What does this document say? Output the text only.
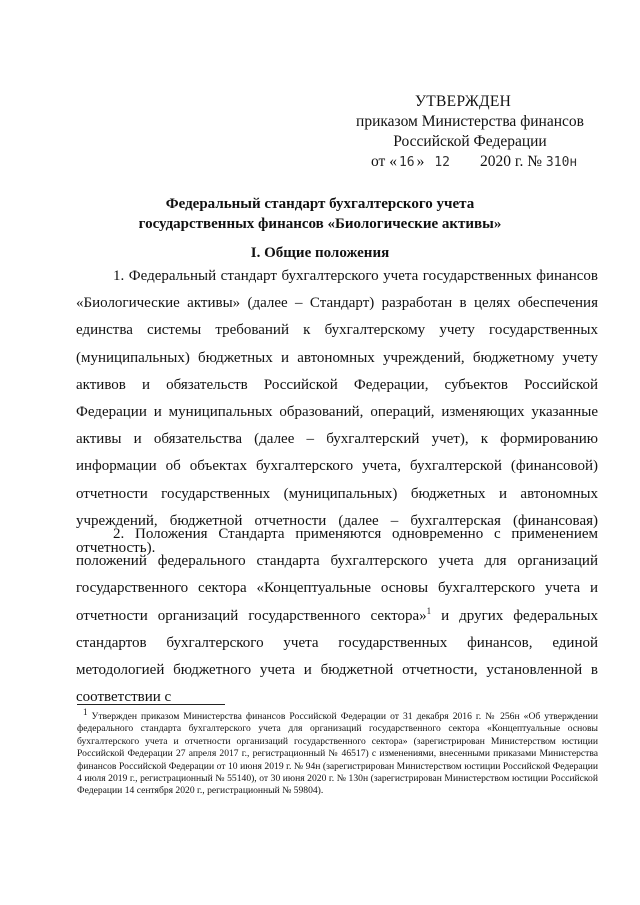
УТВЕРЖДЕН
приказом Министерства финансов
Российской Федерации
от « 16 » 12 2020 г. № 310н
Федеральный стандарт бухгалтерского учета
государственных финансов «Биологические активы»
I. Общие положения
1. Федеральный стандарт бухгалтерского учета государственных финансов «Биологические активы» (далее – Стандарт) разработан в целях обеспечения единства системы требований к бухгалтерскому учету государственных (муниципальных) бюджетных и автономных учреждений, бюджетному учету активов и обязательств Российской Федерации, субъектов Российской Федерации и муниципальных образований, операций, изменяющих указанные активы и обязательства (далее – бухгалтерский учет), к формированию информации об объектах бухгалтерского учета, бухгалтерской (финансовой) отчетности государственных (муниципальных) бюджетных и автономных учреждений, бюджетной отчетности (далее – бухгалтерская (финансовая) отчетность).
2. Положения Стандарта применяются одновременно с применением положений федерального стандарта бухгалтерского учета для организаций государственного сектора «Концептуальные основы бухгалтерского учета и отчетности организаций государственного сектора»$^1$ и других федеральных стандартов бухгалтерского учета государственных финансов, единой методологией бюджетного учета и бюджетной отчетности, установленной в соответствии с
$^1$ Утвержден приказом Министерства финансов Российской Федерации от 31 декабря 2016 г. № 256н «Об утверждении федерального стандарта бухгалтерского учета для организаций государственного сектора «Концептуальные основы бухгалтерского учета и отчетности организаций государственного сектора» (зарегистрирован Министерством юстиции Российской Федерации 27 апреля 2017 г., регистрационный № 46517) с изменениями, внесенными приказами Министерства финансов Российской Федерации от 10 июня 2019 г. № 94н (зарегистрирован Министерством юстиции Российской Федерации 4 июля 2019 г., регистрационный № 55140), от 30 июня 2020 г. № 130н (зарегистрирован Министерством юстиции Российской Федерации 14 сентября 2020 г., регистрационный № 59804).
